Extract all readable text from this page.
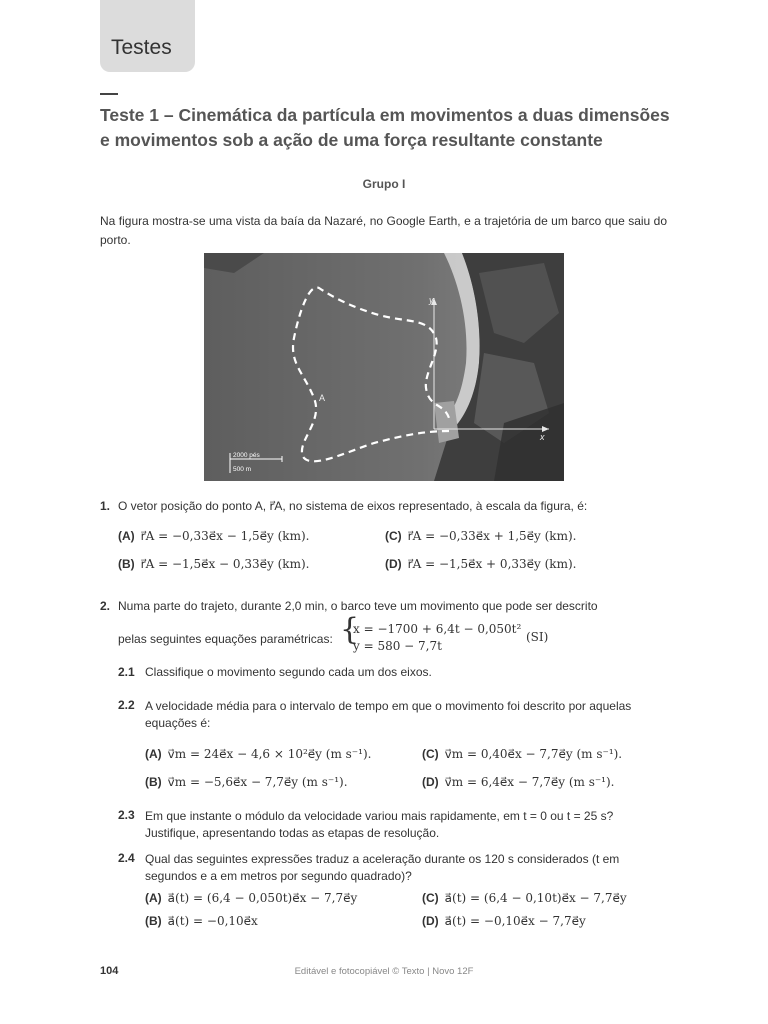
Testes
Teste 1 – Cinemática da partícula em movimentos a duas dimensões e movimentos sob a ação de uma força resultante constante
Grupo I
Na figura mostra-se uma vista da baía da Nazaré, no Google Earth, e a trajetória de um barco que saiu do porto.
y
x
A
2000 pés
500 m
1. O vetor posição do ponto A, r⃗A, no sistema de eixos representado, à escala da figura, é:
(A) r⃗A = −0,33e⃗x − 1,5e⃗y (km).
(B) r⃗A = −1,5e⃗x − 0,33e⃗y (km).
(C) r⃗A = −0,33e⃗x + 1,5e⃗y (km).
(D) r⃗A = −1,5e⃗x + 0,33e⃗y (km).
2. Numa parte do trajeto, durante 2,0 min, o barco teve um movimento que pode ser descrito
pelas seguintes equações paramétricas: {
x = −1700 + 6,4t − 0,050t²
y = 580 − 7,7t
(SI)
2.1 Classifique o movimento segundo cada um dos eixos.
2.2 A velocidade média para o intervalo de tempo em que o movimento foi descrito por aquelas equações é:
(A) v⃗m = 24e⃗x − 4,6 × 10²e⃗y (m s⁻¹).
(B) v⃗m = −5,6e⃗x − 7,7e⃗y (m s⁻¹).
(C) v⃗m = 0,40e⃗x − 7,7e⃗y (m s⁻¹).
(D) v⃗m = 6,4e⃗x − 7,7e⃗y (m s⁻¹).
2.3 Em que instante o módulo da velocidade variou mais rapidamente, em t = 0 ou t = 25 s? Justifique, apresentando todas as etapas de resolução.
2.4 Qual das seguintes expressões traduz a aceleração durante os 120 s considerados (t em segundos e a em metros por segundo quadrado)?
(A) a⃗(t) = (6,4 − 0,050t)e⃗x − 7,7e⃗y
(B) a⃗(t) = −0,10e⃗x
(C) a⃗(t) = (6,4 − 0,10t)e⃗x − 7,7e⃗y
(D) a⃗(t) = −0,10e⃗x − 7,7e⃗y
104	Editável e fotocopiável © Texto | Novo 12F
